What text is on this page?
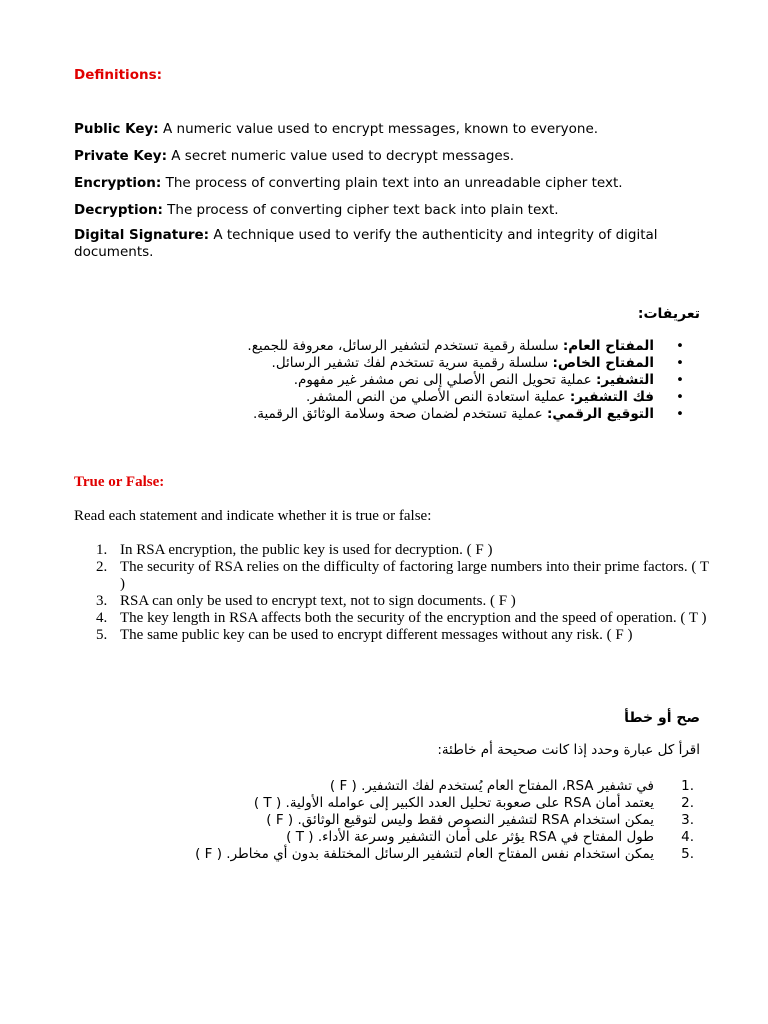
Definitions:
Public Key: A numeric value used to encrypt messages, known to everyone.
Private Key: A secret numeric value used to decrypt messages.
Encryption: The process of converting plain text into an unreadable cipher text.
Decryption: The process of converting cipher text back into plain text.
Digital Signature: A technique used to verify the authenticity and integrity of digital documents.
تعريفات:
•
المفتاح العام: سلسلة رقمية تستخدم لتشفير الرسائل، معروفة للجميع.
•
المفتاح الخاص: سلسلة رقمية سرية تستخدم لفك تشفير الرسائل.
•
التشفير: عملية تحويل النص الأصلي إلى نص مشفر غير مفهوم.
•
فك التشفير: عملية استعادة النص الأصلي من النص المشفر.
•
التوقيع الرقمي: عملية تستخدم لضمان صحة وسلامة الوثائق الرقمية.
True or False:
Read each statement and indicate whether it is true or false:
1. In RSA encryption, the public key is used for decryption. ( F )
2. The security of RSA relies on the difficulty of factoring large numbers into their prime factors. ( T )
3. RSA can only be used to encrypt text, not to sign documents. ( F )
4. The key length in RSA affects both the security of the encryption and the speed of operation. ( T )
5. The same public key can be used to encrypt different messages without any risk. ( F )
صح أو خطأ
اقرأ كل عبارة وحدد إذا كانت صحيحة أم خاطئة:
.1
في تشفير RSA، المفتاح العام يُستخدم لفك التشفير. ( F )
.2
يعتمد أمان RSA على صعوبة تحليل العدد الكبير إلى عوامله الأولية. ( T )
.3
يمكن استخدام RSA لتشفير النصوص فقط وليس لتوقيع الوثائق. ( F )
.4
طول المفتاح في RSA يؤثر على أمان التشفير وسرعة الأداء. ( T )
.5
يمكن استخدام نفس المفتاح العام لتشفير الرسائل المختلفة بدون أي مخاطر. ( F )
